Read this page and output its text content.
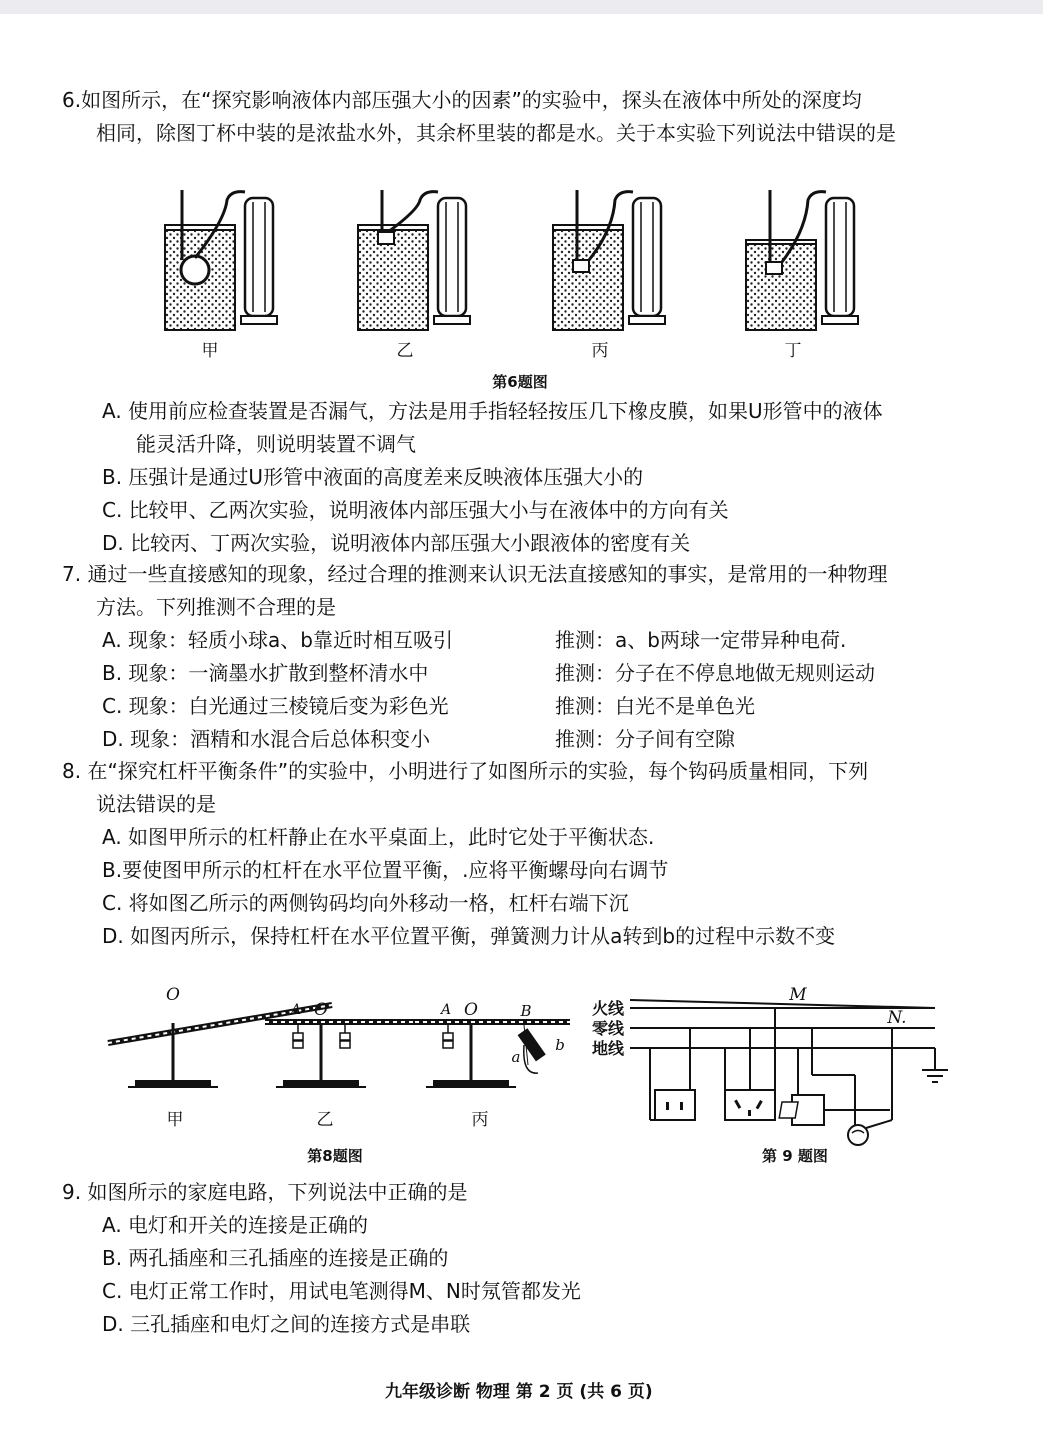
6.如图所示，在“探究影响液体内部压强大小的因素”的实验中，探头在液体中所处的深度均
相同，除图丁杯中装的是浓盐水外，其余杯里装的都是水。关于本实验下列说法中错误的是
甲	乙	丙	丁
第6题图
A. 使用前应检查装置是否漏气，方法是用手指轻轻按压几下橡皮膜，如果U形管中的液体
能灵活升降，则说明装置不调气
B. 压强计是通过U形管中液面的高度差来反映液体压强大小的
C. 比较甲、乙两次实验，说明液体内部压强大小与在液体中的方向有关
D. 比较丙、丁两次实验，说明液体内部压强大小跟液体的密度有关
7. 通过一些直接感知的现象，经过合理的推测来认识无法直接感知的事实，是常用的一种物理
方法。下列推测不合理的是
A. 现象：轻质小球a、b靠近时相互吸引	推测：a、b两球一定带异种电荷.
B. 现象：一滴墨水扩散到整杯清水中	推测：分子在不停息地做无规则运动
C. 现象：白光通过三棱镜后变为彩色光	推测：白光不是单色光
D. 现象：酒精和水混合后总体积变小	推测：分子间有空隙
8. 在“探究杠杆平衡条件”的实验中，小明进行了如图所示的实验，每个钩码质量相同，下列
说法错误的是
A. 如图甲所示的杠杆静止在水平桌面上，此时它处于平衡状态.
B.要使图甲所示的杠杆在水平位置平衡，.应将平衡螺母向右调节
C. 将如图乙所示的两侧钩码均向外移动一格，杠杆右端下沉
D. 如图丙所示，保持杠杆在水平位置平衡，弹簧测力计从a转到b的过程中示数不变
O
A O	A O	B
a
b
甲	乙	丙
第8题图
火线
零线
地线
M
N.
第 9 题图
9. 如图所示的家庭电路，下列说法中正确的是
A. 电灯和开关的连接是正确的
B. 两孔插座和三孔插座的连接是正确的
C. 电灯正常工作时，用试电笔测得M、N时氖管都发光
D. 三孔插座和电灯之间的连接方式是串联
九年级诊断 物理 第 2 页 (共 6 页)
